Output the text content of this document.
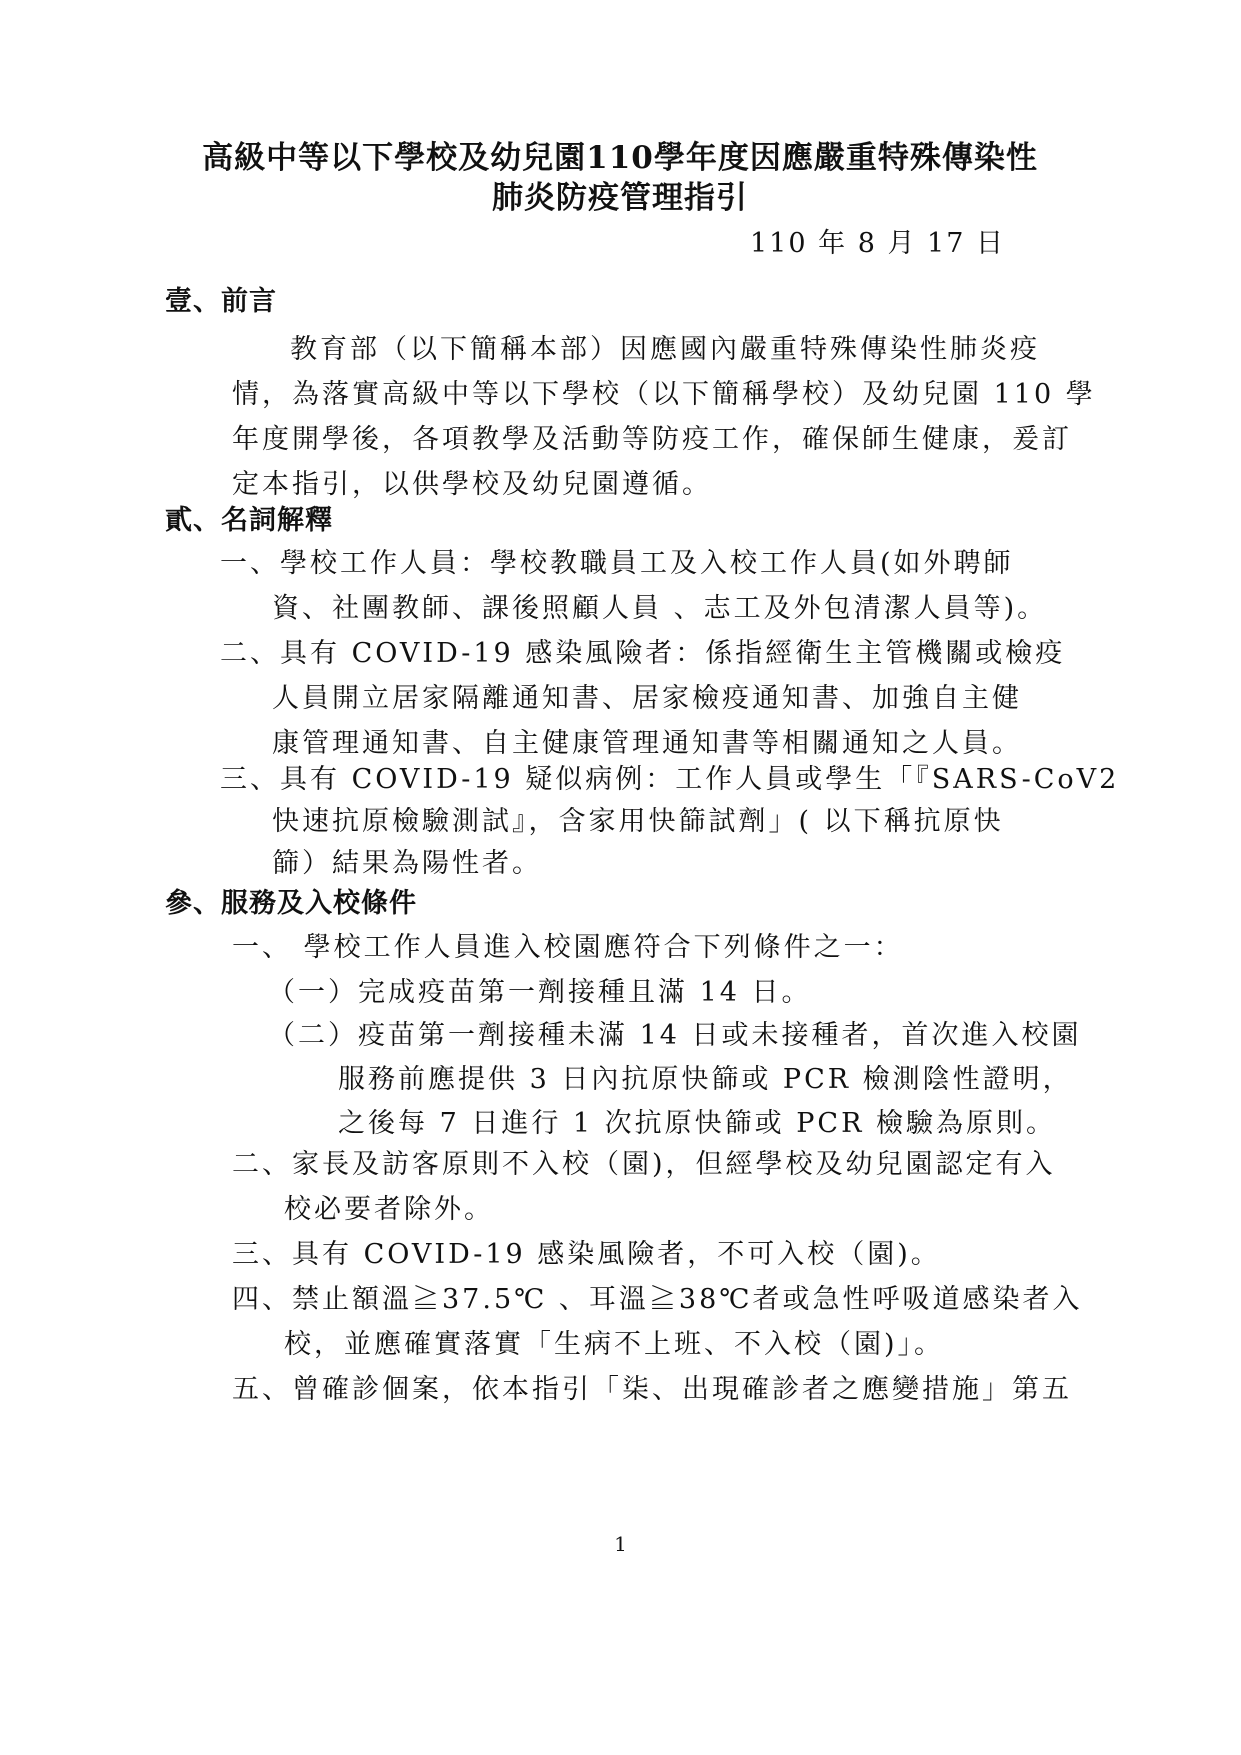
高級中等以下學校及幼兒園110學年度因應嚴重特殊傳染性
肺炎防疫管理指引
110 年 8 月 17 日
壹、前言
教育部（以下簡稱本部）因應國內嚴重特殊傳染性肺炎疫
情，為落實高級中等以下學校（以下簡稱學校）及幼兒園 110 學
年度開學後，各項教學及活動等防疫工作，確保師生健康，爰訂
定本指引，以供學校及幼兒園遵循。
貳、名詞解釋
一、學校工作人員：學校教職員工及入校工作人員(如外聘師
資、社團教師、課後照顧人員 、志工及外包清潔人員等)。
二、具有 COVID-19 感染風險者：係指經衛生主管機關或檢疫
人員開立居家隔離通知書、居家檢疫通知書、加強自主健
康管理通知書、自主健康管理通知書等相關通知之人員。
三、具有 COVID-19 疑似病例：工作人員或學生「『SARS-CoV2
快速抗原檢驗測試』，含家用快篩試劑」( 以下稱抗原快
篩）結果為陽性者。
參、服務及入校條件
一、 學校工作人員進入校園應符合下列條件之一：
（一）完成疫苗第一劑接種且滿 14 日。
（二）疫苗第一劑接種未滿 14 日或未接種者，首次進入校園
服務前應提供 3 日內抗原快篩或 PCR 檢測陰性證明，
之後每 7 日進行 1 次抗原快篩或 PCR 檢驗為原則。
二、家長及訪客原則不入校（園)，但經學校及幼兒園認定有入
校必要者除外。
三、具有 COVID-19 感染風險者，不可入校（園)。
四、禁止額溫≧37.5℃ 、耳溫≧38℃者或急性呼吸道感染者入
校，並應確實落實「生病不上班、不入校（園)」。
五、曾確診個案，依本指引「柒、出現確診者之應變措施」第五
1
